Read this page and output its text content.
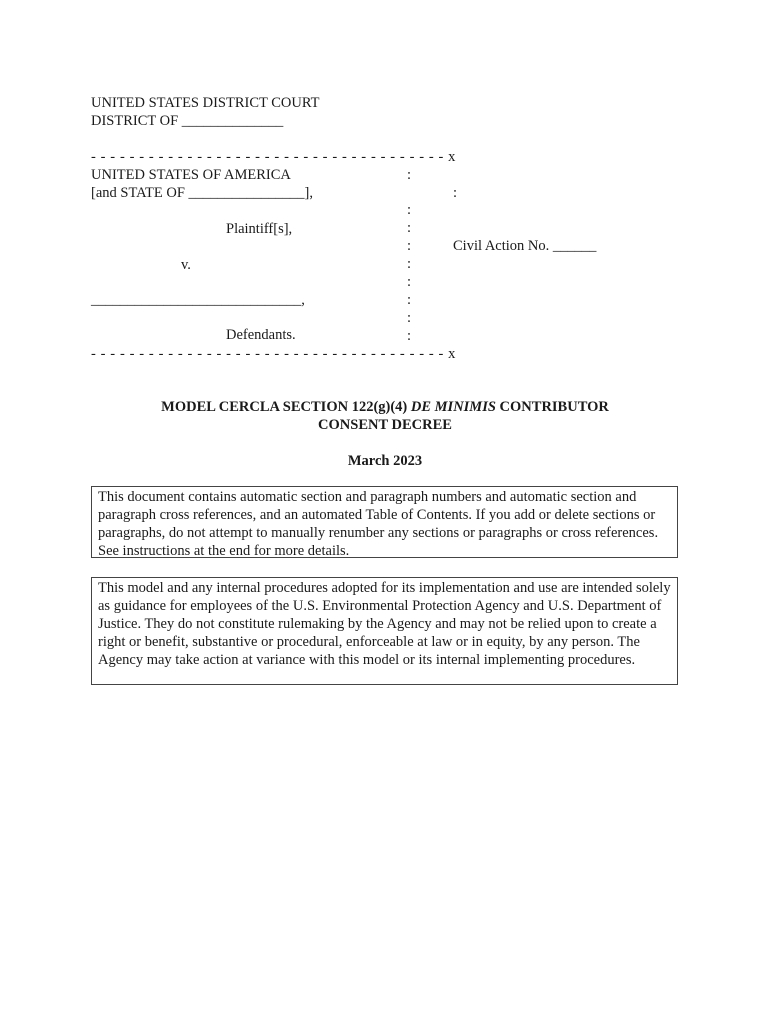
UNITED STATES DISTRICT COURT
DISTRICT OF ______________
- - - - - - - - - - - - - - - - - - - - - - - - - - - - - - - - - - - - - x
UNITED STATES OF AMERICA
[and STATE OF ________________],
Plaintiff[s],
v.
_____________________________,
Defendants.
- - - - - - - - - - - - - - - - - - - - - - - - - - - - - - - - - - - - - x
:
:
:
:
:
:
:
:
:
:
Civil Action No. ______
MODEL CERCLA SECTION 122(g)(4) DE MINIMIS CONTRIBUTOR
CONSENT DECREE
March 2023
This document contains automatic section and paragraph numbers and automatic section and paragraph cross references, and an automated Table of Contents. If you add or delete sections or paragraphs, do not attempt to manually renumber any sections or paragraphs or cross references. See instructions at the end for more details.
This model and any internal procedures adopted for its implementation and use are intended solely as guidance for employees of the U.S. Environmental Protection Agency and U.S. Department of Justice. They do not constitute rulemaking by the Agency and may not be relied upon to create a right or benefit, substantive or procedural, enforceable at law or in equity, by any person. The Agency may take action at variance with this model or its internal implementing procedures.
